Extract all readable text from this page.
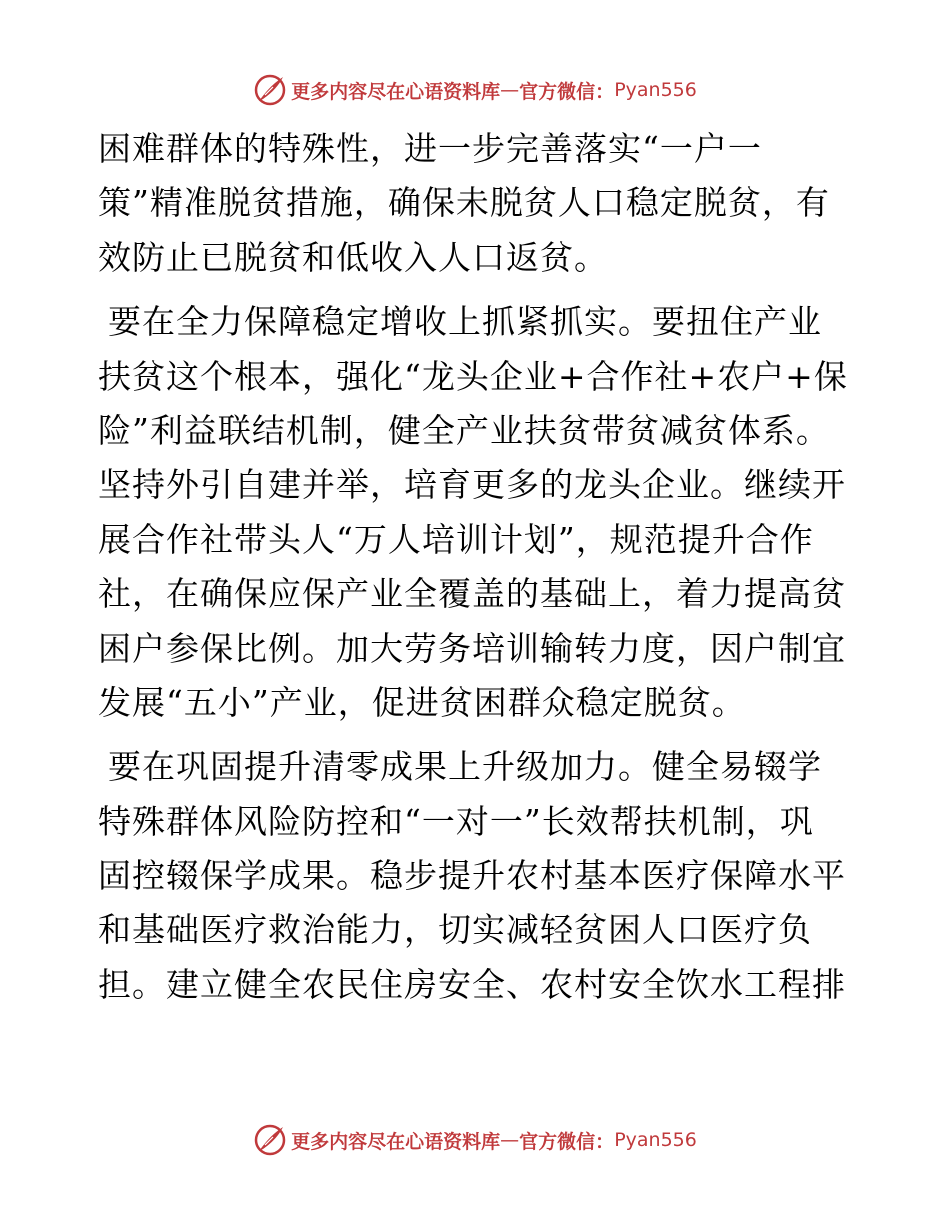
更多内容尽在心语资料库 — 官方微信： Pyan556
困难群体的特殊性，进一步完善落实“一户一
策”精准脱贫措施，确保未脱贫人口稳定脱贫，有
效防止已脱贫和低收入人口返贫。
要在全力保障稳定增收上抓紧抓实。要扭住产业
扶贫这个根本，强化“龙头企业+合作社+农户+保
险”利益联结机制，健全产业扶贫带贫减贫体系。
坚持外引自建并举，培育更多的龙头企业。继续开
展合作社带头人“万人培训计划”，规范提升合作
社，在确保应保产业全覆盖的基础上，着力提高贫
困户参保比例。加大劳务培训输转力度，因户制宜
发展“五小”产业，促进贫困群众稳定脱贫。
要在巩固提升清零成果上升级加力。健全易辍学
特殊群体风险防控和“一对一”长效帮扶机制，巩
固控辍保学成果。稳步提升农村基本医疗保障水平
和基础医疗救治能力，切实减轻贫困人口医疗负
担。建立健全农民住房安全、农村安全饮水工程排
更多内容尽在心语资料库 — 官方微信： Pyan556
